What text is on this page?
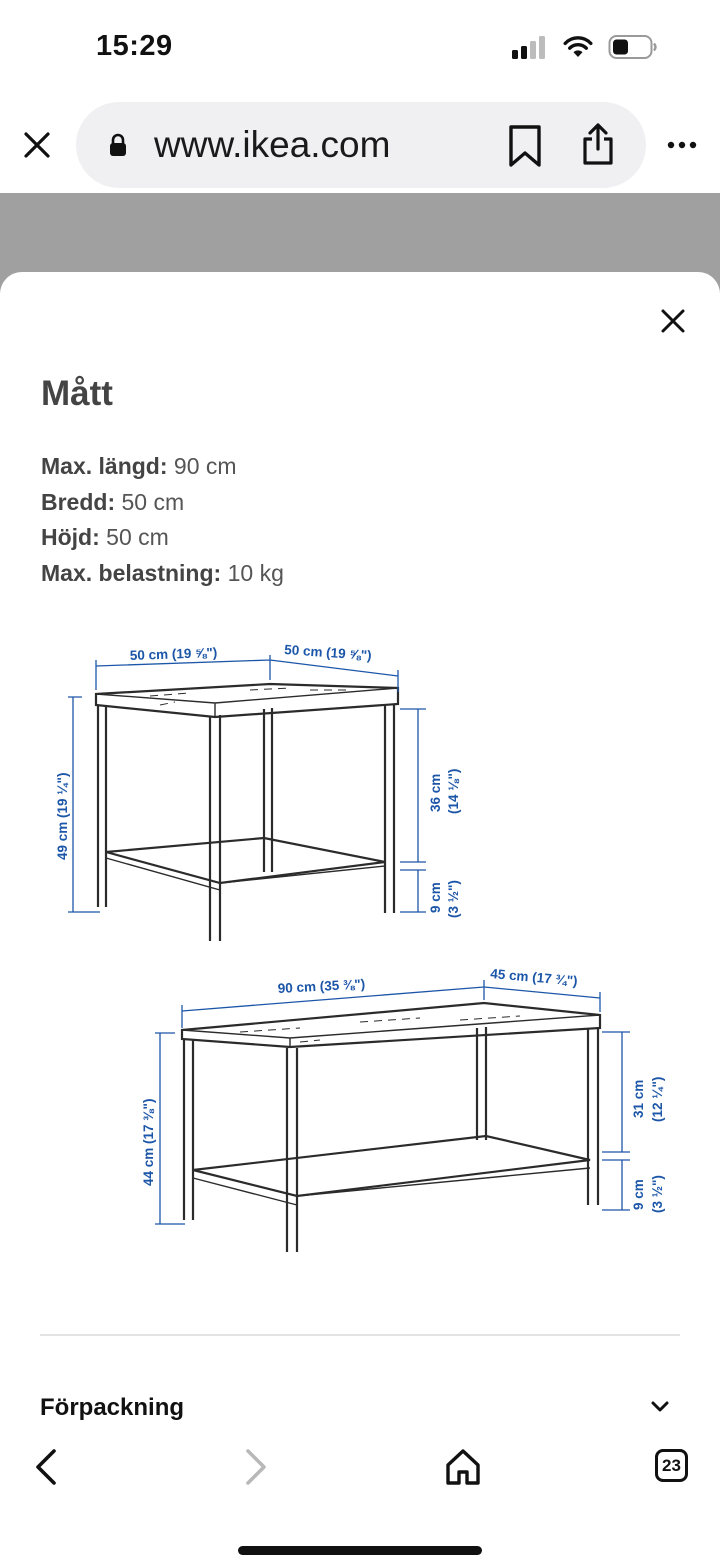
15:29
www.ikea.com
Mått
Max. längd: 90 cm
Bredd: 50 cm
Höjd: 50 cm
Max. belastning: 10 kg
50 cm (19 ⅝")	50 cm (19 ⅝")
49 cm (19 ¼")	36 cm (14 ⅛")
9 cm (3 ½")
90 cm (35 ⅜")	45 cm (17 ¾")
44 cm (17 ⅜")	31 cm (12 ¼")
9 cm (3 ½")
Förpackning
23
